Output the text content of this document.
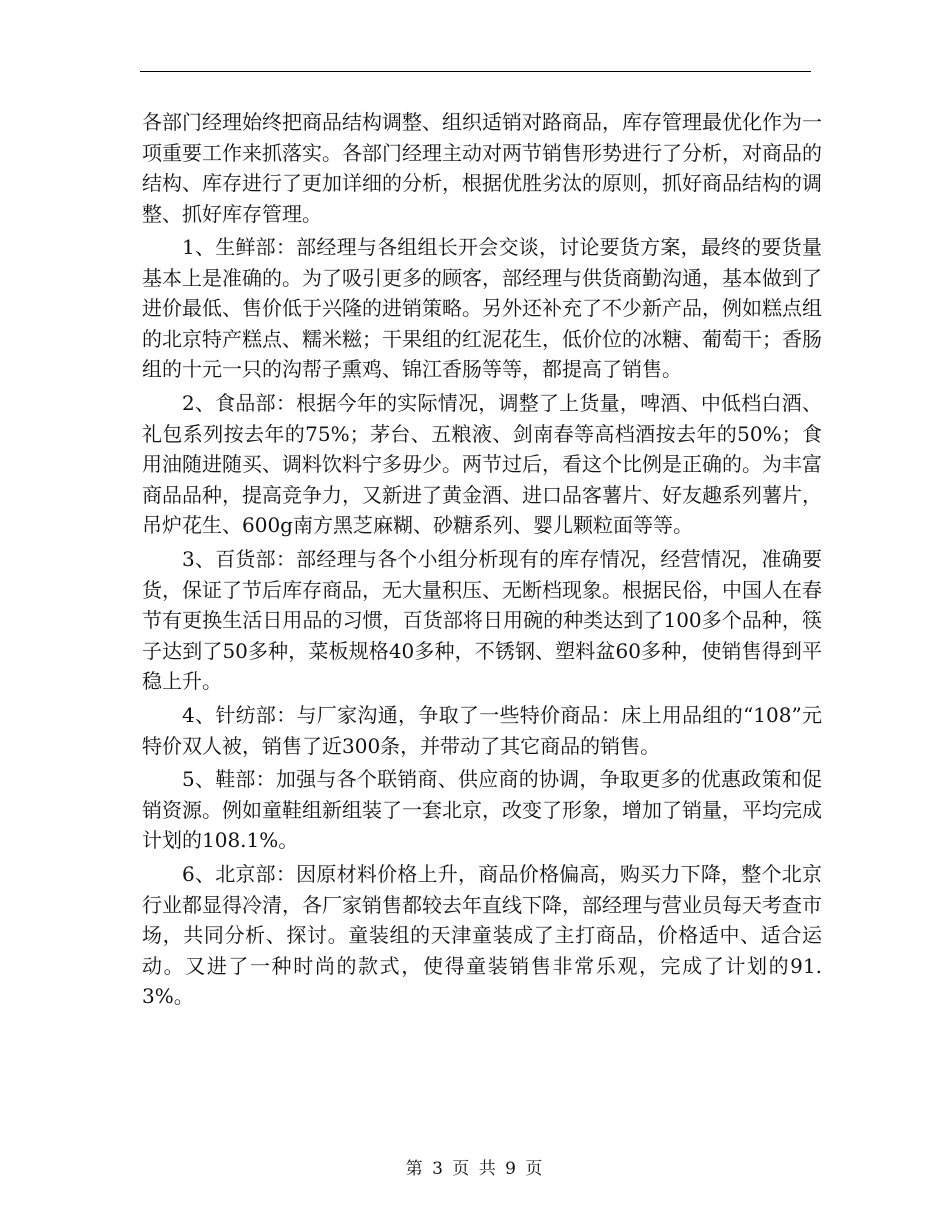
各部门经理始终把商品结构调整、组织适销对路商品，库存管理最优化作为一项重要工作来抓落实。各部门经理主动对两节销售形势进行了分析，对商品的结构、库存进行了更加详细的分析，根据优胜劣汰的原则，抓好商品结构的调整、抓好库存管理。

1、生鲜部：部经理与各组组长开会交谈，讨论要货方案，最终的要货量基本上是准确的。为了吸引更多的顾客，部经理与供货商勤沟通，基本做到了进价最低、售价低于兴隆的进销策略。另外还补充了不少新产品，例如糕点组的北京特产糕点、糯米糍；干果组的红泥花生，低价位的冰糖、葡萄干；香肠组的十元一只的沟帮子熏鸡、锦江香肠等等，都提高了销售。

2、食品部：根据今年的实际情况，调整了上货量，啤酒、中低档白酒、礼包系列按去年的75%；茅台、五粮液、剑南春等高档酒按去年的50%；食用油随进随买、调料饮料宁多毋少。两节过后，看这个比例是正确的。为丰富商品品种，提高竞争力，又新进了黄金酒、进口品客薯片、好友趣系列薯片，吊炉花生、600g南方黑芝麻糊、砂糖系列、婴儿颗粒面等等。

3、百货部：部经理与各个小组分析现有的库存情况，经营情况，准确要货，保证了节后库存商品，无大量积压、无断档现象。根据民俗，中国人在春节有更换生活日用品的习惯，百货部将日用碗的种类达到了100多个品种，筷子达到了50多种，菜板规格40多种，不锈钢、塑料盆60多种，使销售得到平稳上升。

4、针纺部：与厂家沟通，争取了一些特价商品：床上用品组的“108”元特价双人被，销售了近300条，并带动了其它商品的销售。

5、鞋部：加强与各个联销商、供应商的协调，争取更多的优惠政策和促销资源。例如童鞋组新组装了一套北京，改变了形象，增加了销量，平均完成计划的108.1%。

6、北京部：因原材料价格上升，商品价格偏高，购买力下降，整个北京行业都显得冷清，各厂家销售都较去年直线下降，部经理与营业员每天考查市场，共同分析、探讨。童装组的天津童装成了主打商品，价格适中、适合运动。又进了一种时尚的款式，使得童装销售非常乐观，完成了计划的91.3%。

第 3 页 共 9 页
